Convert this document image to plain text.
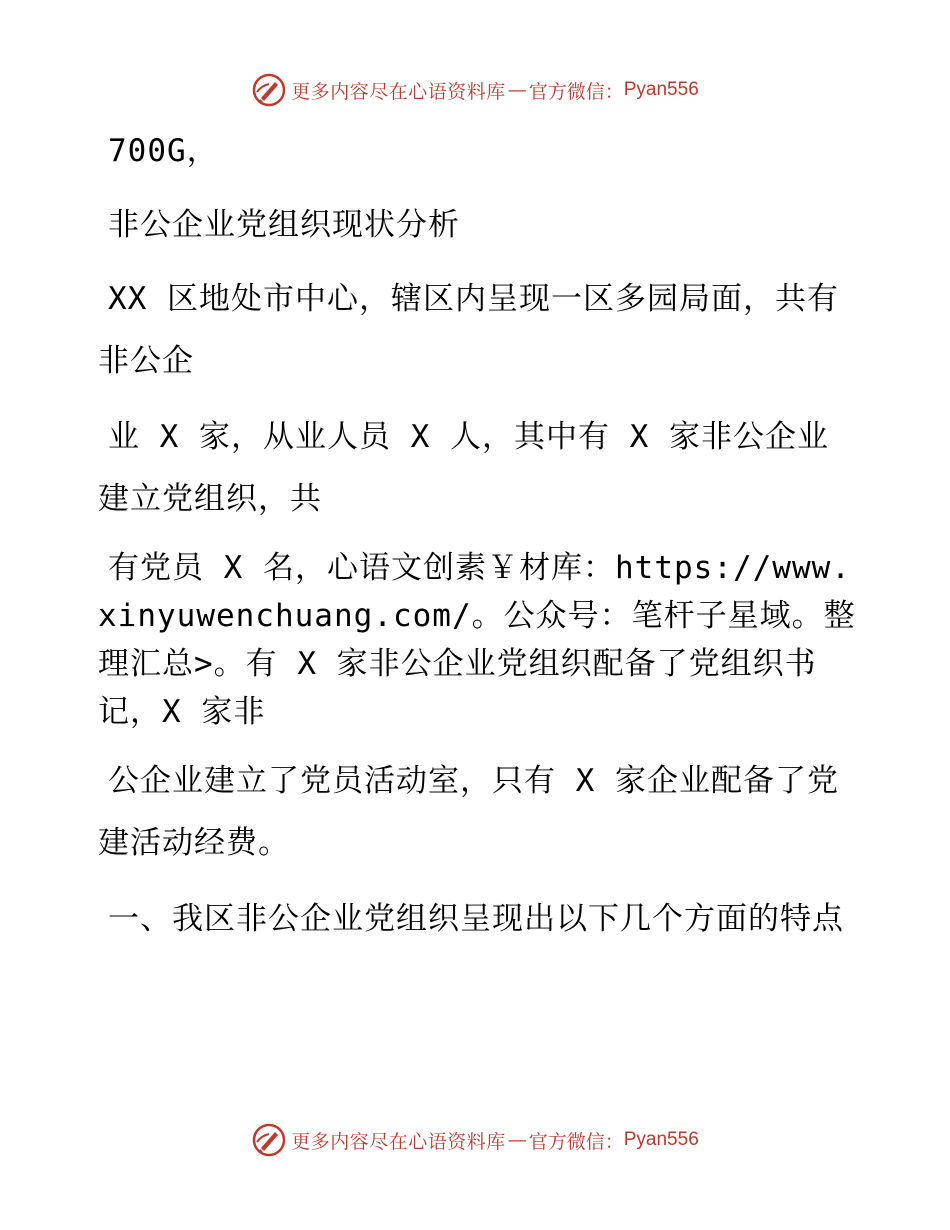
更多内容尽在心语资料库 — 官方微信： Pyan556

700G，

非公企业党组织现状分析

XX 区地处市中心，辖区内呈现一区多园局面，共有非公企

业 X 家，从业人员 X 人，其中有 X 家非公企业建立党组织，共

有党员 X 名，心语文创素￥材库：https://www.xinyuwenchuang.com/。公众号：笔杆子星域。整理汇总>。有 X 家非公企业党组织配备了党组织书记，X 家非

公企业建立了党员活动室，只有 X 家企业配备了党建活动经费。

一、我区非公企业党组织呈现出以下几个方面的特点

更多内容尽在心语资料库 — 官方微信： Pyan556
